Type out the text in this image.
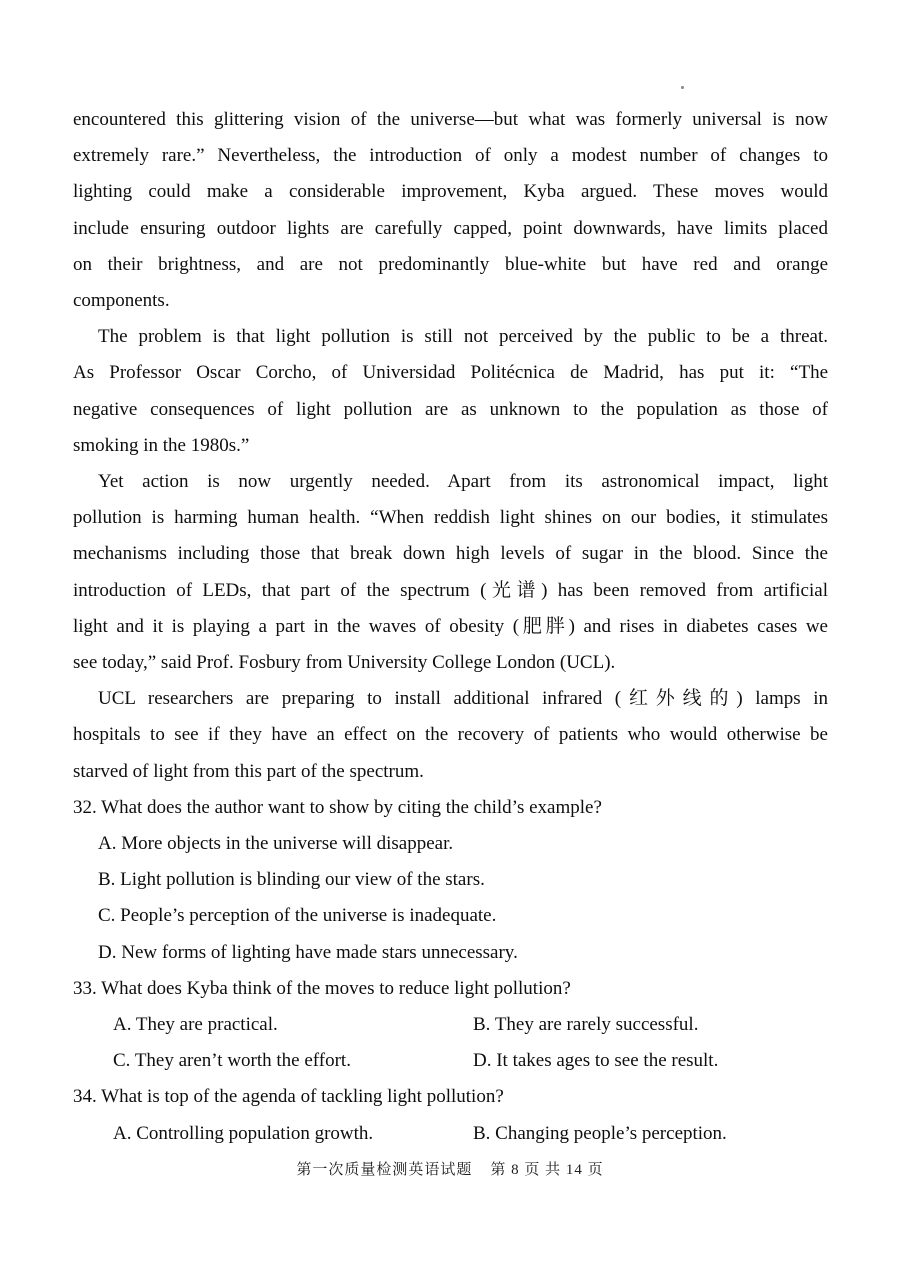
encountered this glittering vision of the universe—but what was formerly universal is now
extremely rare.” Nevertheless, the introduction of only a modest number of changes to
lighting could make a considerable improvement, Kyba argued. These moves would
include ensuring outdoor lights are carefully capped, point downwards, have limits placed
on their brightness, and are not predominantly blue-white but have red and orange
components.
The problem is that light pollution is still not perceived by the public to be a threat.
As Professor Oscar Corcho, of Universidad Politécnica de Madrid, has put it: “The
negative consequences of light pollution are as unknown to the population as those of
smoking in the 1980s.”
Yet action is now urgently needed. Apart from its astronomical impact, light
pollution is harming human health. “When reddish light shines on our bodies, it stimulates
mechanisms including those that break down high levels of sugar in the blood. Since the
introduction of LEDs, that part of the spectrum (光谱) has been removed from artificial
light and it is playing a part in the waves of obesity (肥胖) and rises in diabetes cases we
see today,” said Prof. Fosbury from University College London (UCL).
UCL researchers are preparing to install additional infrared (红外线的) lamps in
hospitals to see if they have an effect on the recovery of patients who would otherwise be
starved of light from this part of the spectrum.
32. What does the author want to show by citing the child’s example?
A. More objects in the universe will disappear.
B. Light pollution is blinding our view of the stars.
C. People’s perception of the universe is inadequate.
D. New forms of lighting have made stars unnecessary.
33. What does Kyba think of the moves to reduce light pollution?
A. They are practical.	B. They are rarely successful.
C. They aren’t worth the effort.	D. It takes ages to see the result.
34. What is top of the agenda of tackling light pollution?
A. Controlling population growth.	B. Changing people’s perception.
第一次质量检测英语试题 第 8 页 共 14 页
